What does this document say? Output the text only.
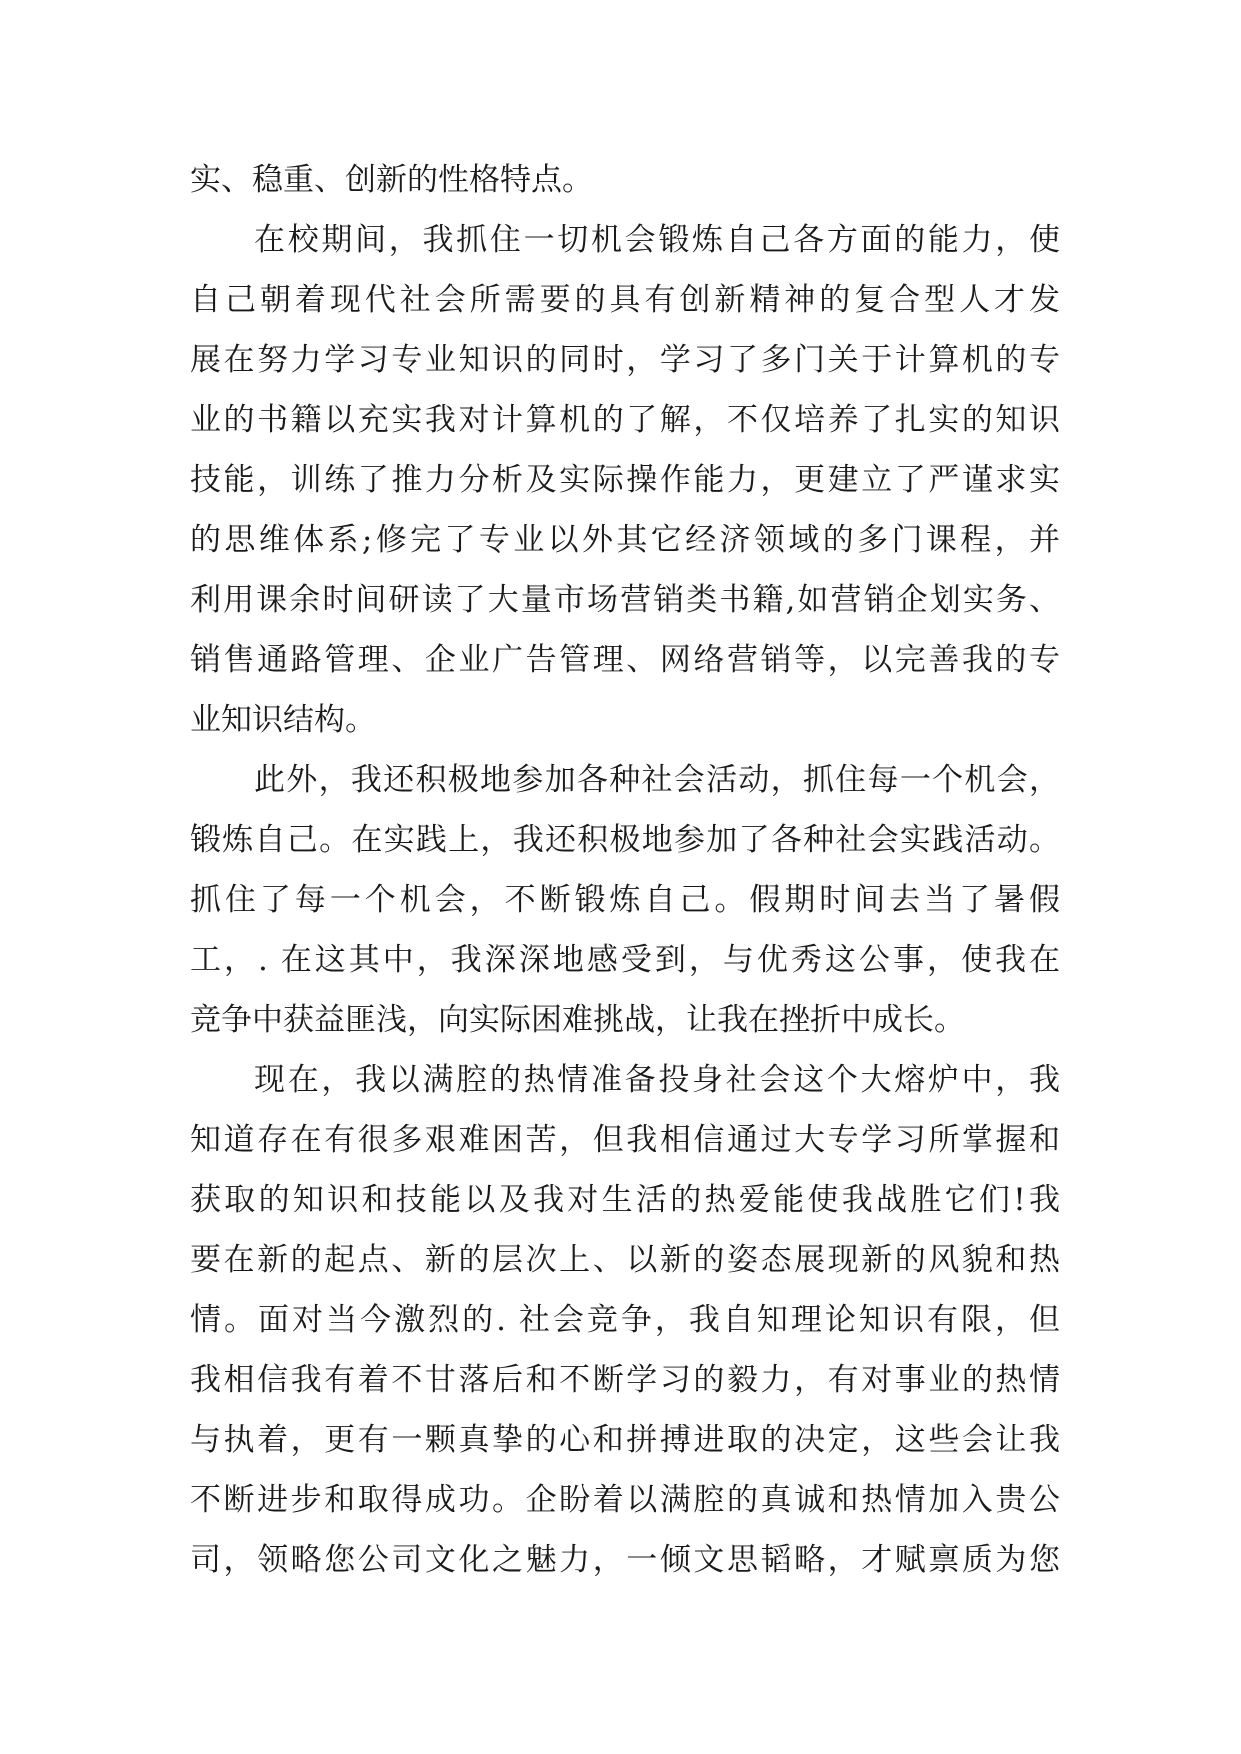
实、稳重、创新的性格特点。
在校期间，我抓住一切机会锻炼自己各方面的能力，使
自己朝着现代社会所需要的具有创新精神的复合型人才发
展在努力学习专业知识的同时，学习了多门关于计算机的专
业的书籍以充实我对计算机的了解，不仅培养了扎实的知识
技能，训练了推力分析及实际操作能力，更建立了严谨求实
的思维体系;修完了专业以外其它经济领域的多门课程，并
利用课余时间研读了大量市场营销类书籍,如营销企划实务、
销售通路管理、企业广告管理、网络营销等，以完善我的专
业知识结构。
此外，我还积极地参加各种社会活动，抓住每一个机会，
锻炼自己。在实践上，我还积极地参加了各种社会实践活动。
抓住了每一个机会，不断锻炼自己。假期时间去当了暑假
工，. 在这其中，我深深地感受到，与优秀这公事，使我在
竞争中获益匪浅，向实际困难挑战，让我在挫折中成长。
现在，我以满腔的热情准备投身社会这个大熔炉中，我
知道存在有很多艰难困苦，但我相信通过大专学习所掌握和
获取的知识和技能以及我对生活的热爱能使我战胜它们!我
要在新的起点、新的层次上、以新的姿态展现新的风貌和热
情。面对当今激烈的. 社会竞争，我自知理论知识有限，但
我相信我有着不甘落后和不断学习的毅力，有对事业的热情
与执着，更有一颗真挚的心和拼搏进取的决定，这些会让我
不断进步和取得成功。企盼着以满腔的真诚和热情加入贵公
司，领略您公司文化之魅力，一倾文思韬略，才赋禀质为您
